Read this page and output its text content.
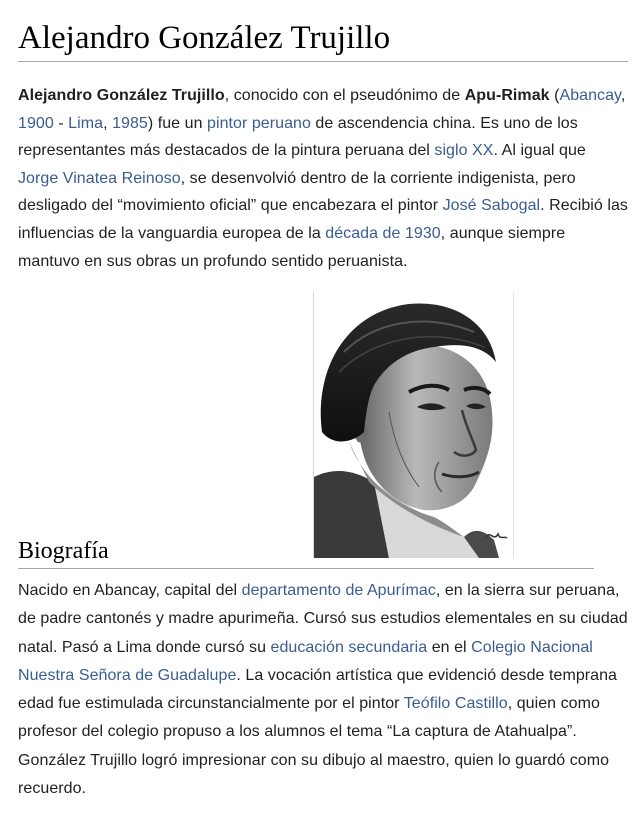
Alejandro González Trujillo

Alejandro González Trujillo, conocido con el pseudónimo de Apu-Rimak (Abancay, 1900 - Lima, 1985) fue un pintor peruano de ascendencia china. Es uno de los representantes más destacados de la pintura peruana del siglo XX. Al igual que Jorge Vinatea Reinoso, se desenvolvió dentro de la corriente indigenista, pero desligado del “movimiento oficial” que encabezara el pintor José Sabogal. Recibió las influencias de la vanguardia europea de la década de 1930, aunque siempre mantuvo en sus obras un profundo sentido peruanista.

Biografía

Nacido en Abancay, capital del departamento de Apurímac, en la sierra sur peruana, de padre cantonés y madre apurimeña. Cursó sus estudios elementales en su ciudad natal. Pasó a Lima donde cursó su educación secundaria en el Colegio Nacional Nuestra Señora de Guadalupe. La vocación artística que evidenció desde temprana edad fue estimulada circunstancialmente por el pintor Teófilo Castillo, quien como profesor del colegio propuso a los alumnos el tema “La captura de Atahualpa”. González Trujillo logró impresionar con su dibujo al maestro, quien lo guardó como recuerdo.
